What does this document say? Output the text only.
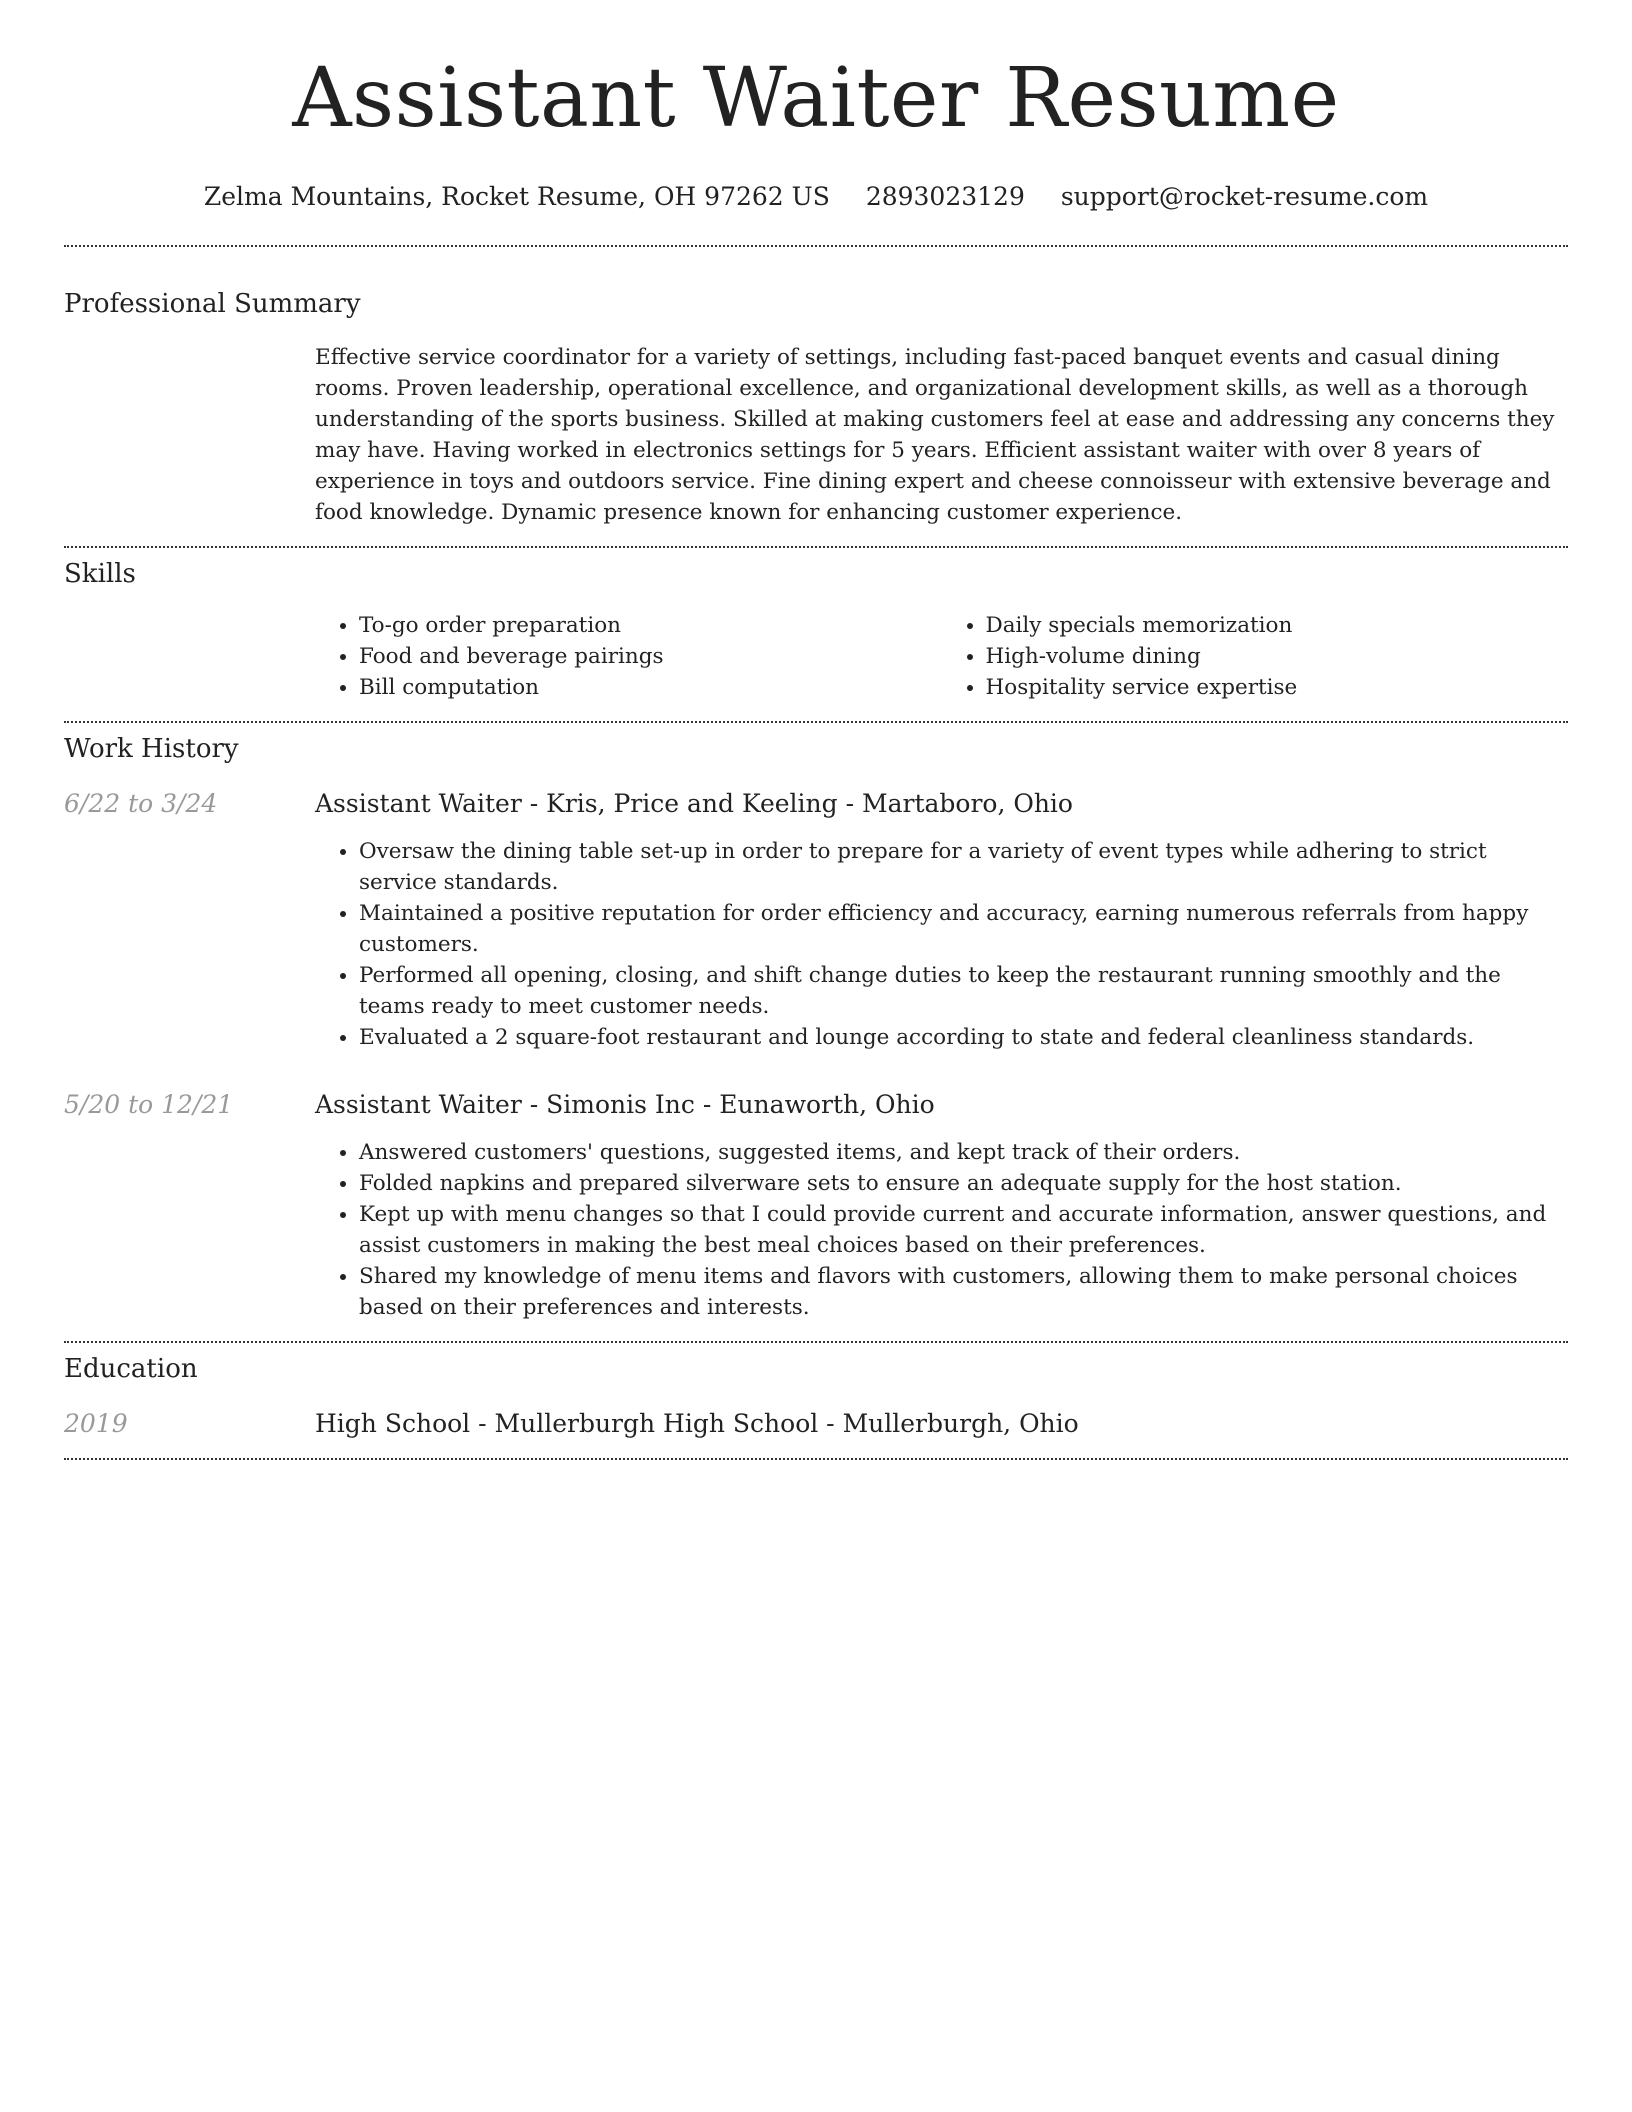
Assistant Waiter Resume
Zelma Mountains, Rocket Resume, OH 97262 US 2893023129 support@rocket-resume.com
Professional Summary

Effective service coordinator for a variety of settings, including fast-paced banquet events and casual dining rooms. Proven leadership, operational excellence, and organizational development skills, as well as a thorough understanding of the sports business. Skilled at making customers feel at ease and addressing any concerns they may have. Having worked in electronics settings for 5 years. Efficient assistant waiter with over 8 years of experience in toys and outdoors service. Fine dining expert and cheese connoisseur with extensive beverage and food knowledge. Dynamic presence known for enhancing customer experience.

Skills
• To-go order preparation
• Food and beverage pairings
• Bill computation
• Daily specials memorization
• High-volume dining
• Hospitality service expertise
Work History
6/22 to 3/24	Assistant Waiter - Kris, Price and Keeling - Martaboro, Ohio
• Oversaw the dining table set-up in order to prepare for a variety of event types while adhering to strict service standards.
• Maintained a positive reputation for order efficiency and accuracy, earning numerous referrals from happy customers.
• Performed all opening, closing, and shift change duties to keep the restaurant running smoothly and the teams ready to meet customer needs.
• Evaluated a 2 square-foot restaurant and lounge according to state and federal cleanliness standards.
5/20 to 12/21	Assistant Waiter - Simonis Inc - Eunaworth, Ohio
• Answered customers' questions, suggested items, and kept track of their orders.
• Folded napkins and prepared silverware sets to ensure an adequate supply for the host station.
• Kept up with menu changes so that I could provide current and accurate information, answer questions, and assist customers in making the best meal choices based on their preferences.
• Shared my knowledge of menu items and flavors with customers, allowing them to make personal choices based on their preferences and interests.
Education
2019	High School - Mullerburgh High School - Mullerburgh, Ohio
